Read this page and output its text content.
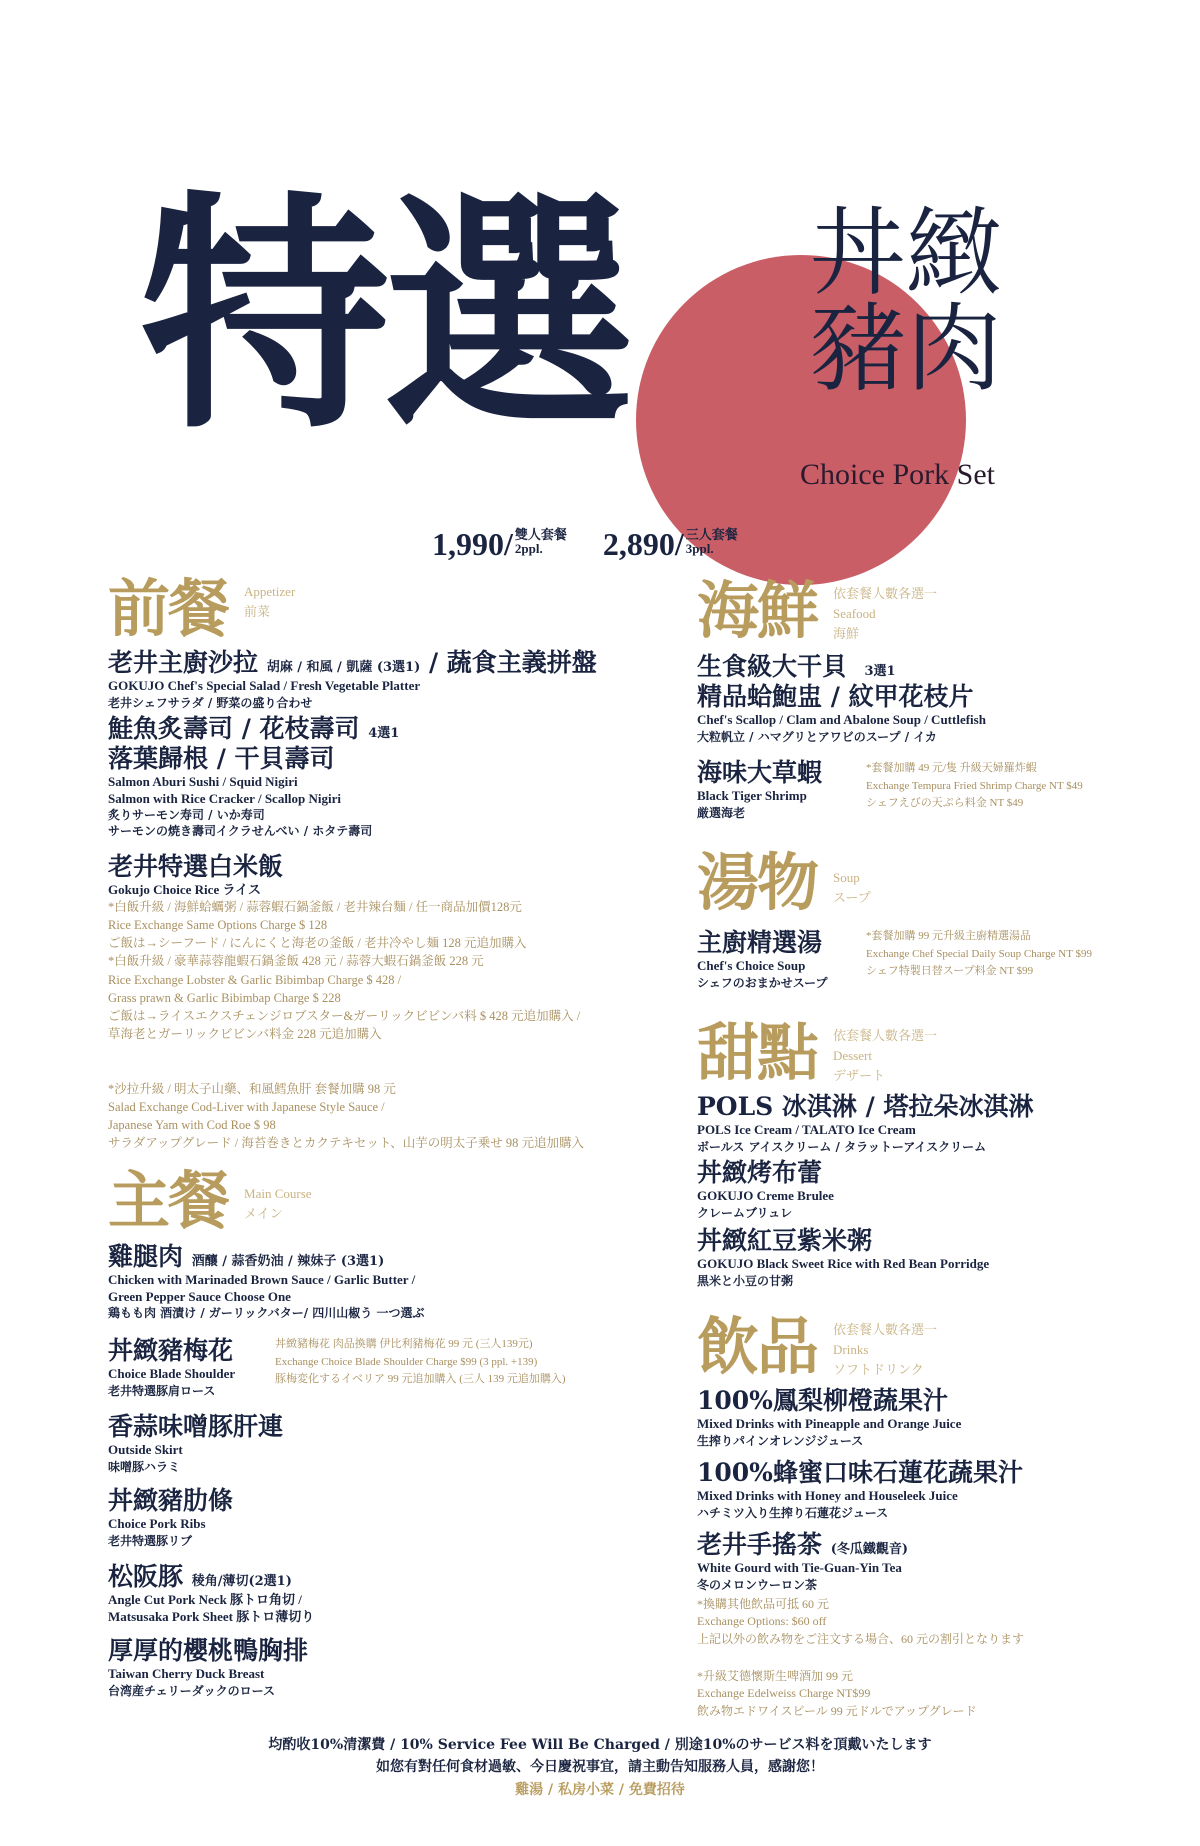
特選 丼緻
豬肉
Choice Pork Set
1,990/ 雙人套餐
2ppl.	2,890/ 三人套餐
3ppl.
前餐 Appetizer
前菜
老井主廚沙拉 胡麻 / 和風 / 凱薩 (3選1) / 蔬食主義拼盤
GOKUJO Chef's Special Salad / Fresh Vegetable Platter
老井シェフサラダ / 野菜の盛り合わせ
鮭魚炙壽司 / 花枝壽司 4選1
落葉歸根 / 干貝壽司
Salmon Aburi Sushi / Squid Nigiri
Salmon with Rice Cracker / Scallop Nigiri
炙りサーモン寿司 / いか寿司
サーモンの焼き壽司イクラせんべい / ホタテ壽司
老井特選白米飯
Gokujo Choice Rice ライス
*白飯升級 / 海鮮蛤蠣粥 / 蒜蓉蝦石鍋釜飯 / 老井辣台麵 / 任一商品加價128元
Rice Exchange Same Options Charge $ 128
ご飯は→シーフード / にんにくと海老の釜飯 / 老井冷やし麺 128 元追加購入
*白飯升級 / 豪華蒜蓉龍蝦石鍋釜飯 428 元 / 蒜蓉大蝦石鍋釜飯 228 元
Rice Exchange Lobster & Garlic Bibimbap Charge $ 428 /
Grass prawn & Garlic Bibimbap Charge $ 228
ご飯は→ライスエクスチェンジロブスター&ガーリックビビンバ料 $ 428 元追加購入 /
草海老とガーリックビビンバ料金 228 元追加購入
*沙拉升級 / 明太子山藥、和風鱈魚肝 套餐加購 98 元
Salad Exchange Cod-Liver with Japanese Style Sauce /
Japanese Yam with Cod Roe $ 98
サラダアップグレード / 海苔巻きとカクテキセット、山芋の明太子乗せ 98 元追加購入
主餐 Main Course
メイン
雞腿肉 酒釀 / 蒜香奶油 / 辣妹子 (3選1)
Chicken with Marinaded Brown Sauce / Garlic Butter /
Green Pepper Sauce Choose One
鶏もも肉 酒漬け / ガーリックバター/ 四川山椒う 一つ選ぶ
丼緻豬梅花
Choice Blade Shoulder
老井特選豚肩ロース
丼緻豬梅花 肉品換購 伊比利豬梅花 99 元 (三人139元)
Exchange Choice Blade Shoulder Charge $99 (3 ppl. +139)
豚梅変化するイベリア 99 元追加購入 (三人 139 元追加購入)
香蒜味噌豚肝連
Outside Skirt
味噌豚ハラミ
丼緻豬肋條
Choice Pork Ribs
老井特選豚リブ
松阪豚 稜角/薄切(2選1)
Angle Cut Pork Neck 豚トロ角切 /
Matsusaka Pork Sheet 豚トロ薄切り
厚厚的櫻桃鴨胸排
Taiwan Cherry Duck Breast
台湾産チェリーダックのロース
海鮮 依套餐人數各選一
Seafood
海鮮
生食級大干貝 3選1
精品蛤鮑盅 / 紋甲花枝片
Chef's Scallop / Clam and Abalone Soup / Cuttlefish
大粒帆立 / ハマグリとアワビのスープ / イカ
海味大草蝦
Black Tiger Shrimp
厳選海老
*套餐加購 49 元/隻 升級天婦羅炸蝦
Exchange Tempura Fried Shrimp Charge NT $49
シェフえびの天ぷら料金 NT $49
湯物 Soup
スープ
主廚精選湯
Chef's Choice Soup
シェフのおまかせスープ
*套餐加購 99 元升級主廚精選湯品
Exchange Chef Special Daily Soup Charge NT $99
シェフ特製日替スープ料金 NT $99
甜點 依套餐人數各選一
Dessert
デザート
POLS 冰淇淋 / 塔拉朵冰淇淋
POLS Ice Cream / TALATO Ice Cream
ボールス アイスクリーム / タラットーアイスクリーム
丼緻烤布蕾
GOKUJO Creme Brulee
クレームブリュレ
丼緻紅豆紫米粥
GOKUJO Black Sweet Rice with Red Bean Porridge
黒米と小豆の甘粥
飲品 依套餐人數各選一
Drinks
ソフトドリンク
100%鳳梨柳橙蔬果汁
Mixed Drinks with Pineapple and Orange Juice
生搾りパインオレンジジュース
100%蜂蜜口味石蓮花蔬果汁
Mixed Drinks with Honey and Houseleek Juice
ハチミツ入り生搾り石蓮花ジュース
老井手搖茶 (冬瓜鐵觀音)
White Gourd with Tie-Guan-Yin Tea
冬のメロンウーロン茶
*換購其他飲品可抵 60 元
Exchange Options: $60 off
上記以外の飲み物をご注文する場合、60 元の割引となります
*升級艾德懷斯生啤酒加 99 元
Exchange Edelweiss Charge NT$99
飲み物エドワイスビール 99 元ドルでアップグレード
均酌收10%清潔費 / 10% Service Fee Will Be Charged / 別途10%のサービス料を頂戴いたします
如您有對任何食材過敏、今日慶祝事宜，請主動告知服務人員，感謝您！
雞湯 / 私房小菜 / 免費招待
